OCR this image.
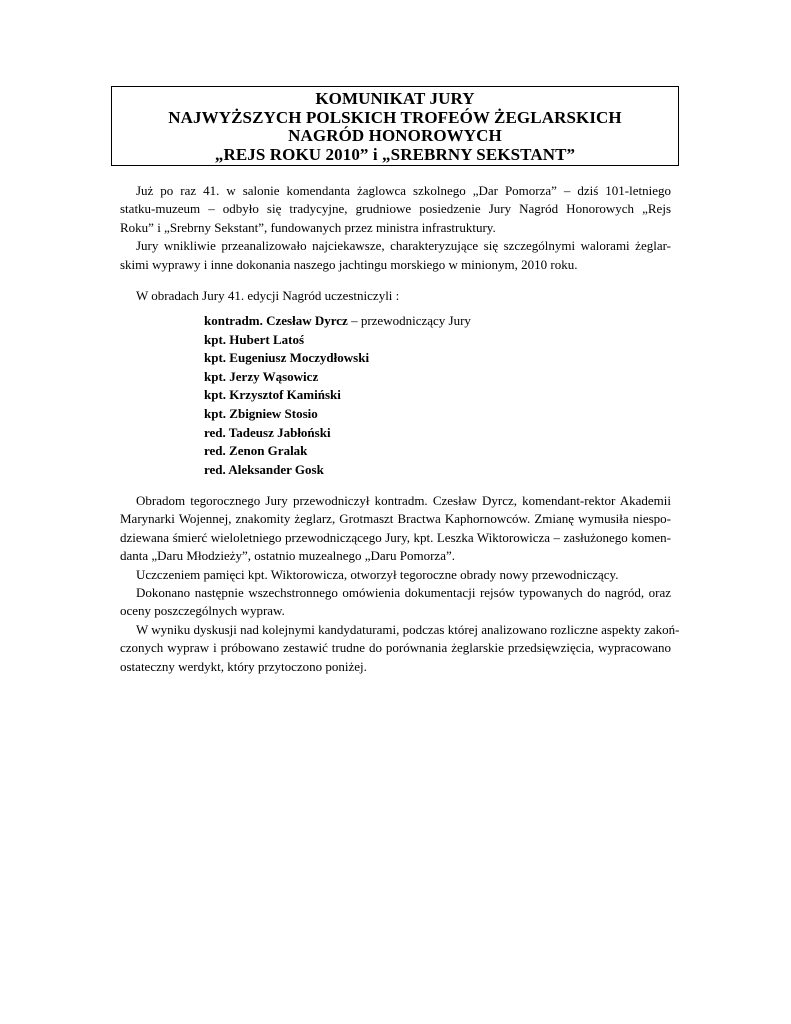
KOMUNIKAT JURY
NAJWYŻSZYCH POLSKICH TROFEÓW ŻEGLARSKICH
NAGRÓD HONOROWYCH
„REJS ROKU 2010” i „SREBRNY SEKSTANT”
Już po raz 41. w salonie komendanta żaglowca szkolnego „Dar Pomorza” – dziś 101-letniego
statku-muzeum – odbyło się tradycyjne, grudniowe posiedzenie Jury Nagród Honorowych „Rejs
Roku” i „Srebrny Sekstant”, fundowanych przez ministra infrastruktury.
Jury wnikliwie przeanalizowało najciekawsze, charakteryzujące się szczególnymi walorami żeglar-
skimi wyprawy i inne dokonania naszego jachtingu morskiego w minionym, 2010 roku.
W obradach Jury 41. edycji Nagród uczestniczyli :
kontradm. Czesław Dyrcz – przewodniczący Jury
kpt. Hubert Latoś
kpt. Eugeniusz Moczydłowski
kpt. Jerzy Wąsowicz
kpt. Krzysztof Kamiński
kpt. Zbigniew Stosio
red. Tadeusz Jabłoński
red. Zenon Gralak
red. Aleksander Gosk
Obradom tegorocznego Jury przewodniczył kontradm. Czesław Dyrcz, komendant-rektor Akademii
Marynarki Wojennej, znakomity żeglarz, Grotmaszt Bractwa Kaphornowców. Zmianę wymusiła niespo-
dziewana śmierć wieloletniego przewodniczącego Jury, kpt. Leszka Wiktorowicza – zasłużonego komen-
danta „Daru Młodzieży”, ostatnio muzealnego „Daru Pomorza”.
Uczczeniem pamięci kpt. Wiktorowicza, otworzył tegoroczne obrady nowy przewodniczący.
Dokonano następnie wszechstronnego omówienia dokumentacji rejsów typowanych do nagród, oraz
oceny poszczególnych wypraw.
W wyniku dyskusji nad kolejnymi kandydaturami, podczas której analizowano rozliczne aspekty zakoń-
czonych wypraw i próbowano zestawić trudne do porównania żeglarskie przedsięwzięcia, wypracowano
ostateczny werdykt, który przytoczono poniżej.
